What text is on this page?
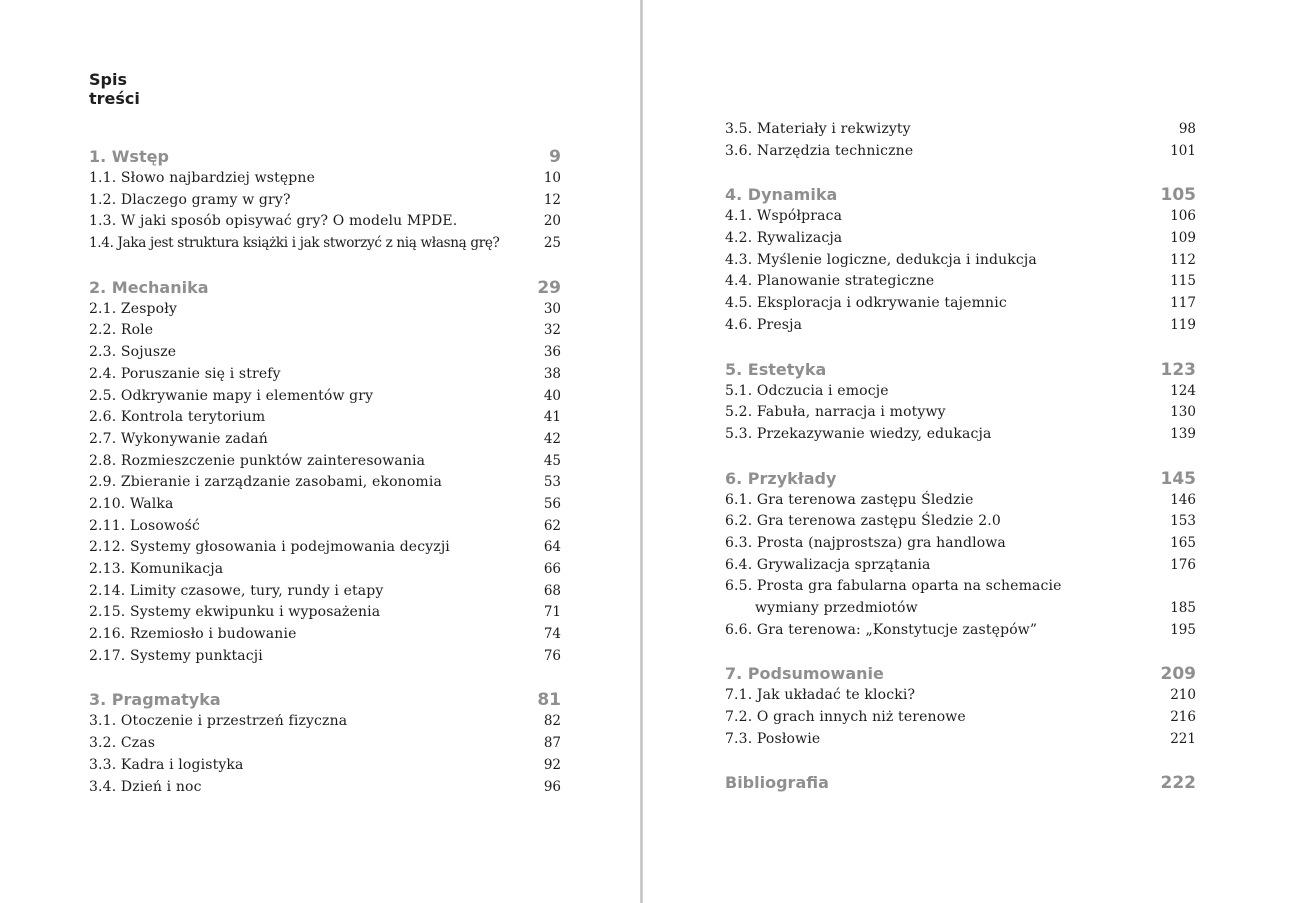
Spis
treści
1. Wstęp	9
1.1. Słowo najbardziej wstępne	10
1.2. Dlaczego gramy w gry?	12
1.3. W jaki sposób opisywać gry? O modelu MPDE.	20
1.4. Jaka jest struktura książki i jak stworzyć z nią własną grę?	25
2. Mechanika	29
2.1. Zespoły	30
2.2. Role	32
2.3. Sojusze	36
2.4. Poruszanie się i strefy	38
2.5. Odkrywanie mapy i elementów gry	40
2.6. Kontrola terytorium	41
2.7. Wykonywanie zadań	42
2.8. Rozmieszczenie punktów zainteresowania	45
2.9. Zbieranie i zarządzanie zasobami, ekonomia	53
2.10. Walka	56
2.11. Losowość	62
2.12. Systemy głosowania i podejmowania decyzji	64
2.13. Komunikacja	66
2.14. Limity czasowe, tury, rundy i etapy	68
2.15. Systemy ekwipunku i wyposażenia	71
2.16. Rzemiosło i budowanie	74
2.17. Systemy punktacji	76
3. Pragmatyka	81
3.1. Otoczenie i przestrzeń fizyczna	82
3.2. Czas	87
3.3. Kadra i logistyka	92
3.4. Dzień i noc	96
3.5. Materiały i rekwizyty	98
3.6. Narzędzia techniczne	101
4. Dynamika	105
4.1. Współpraca	106
4.2. Rywalizacja	109
4.3. Myślenie logiczne, dedukcja i indukcja	112
4.4. Planowanie strategiczne	115
4.5. Eksploracja i odkrywanie tajemnic	117
4.6. Presja	119
5. Estetyka	123
5.1. Odczucia i emocje	124
5.2. Fabuła, narracja i motywy	130
5.3. Przekazywanie wiedzy, edukacja	139
6. Przykłady	145
6.1. Gra terenowa zastępu Śledzie	146
6.2. Gra terenowa zastępu Śledzie 2.0	153
6.3. Prosta (najprostsza) gra handlowa	165
6.4. Grywalizacja sprzątania	176
6.5. Prosta gra fabularna oparta na schemacie
wymiany przedmiotów	185
6.6. Gra terenowa: „Konstytucje zastępów”	195
7. Podsumowanie	209
7.1. Jak układać te klocki?	210
7.2. O grach innych niż terenowe	216
7.3. Posłowie	221
Bibliografia	222
